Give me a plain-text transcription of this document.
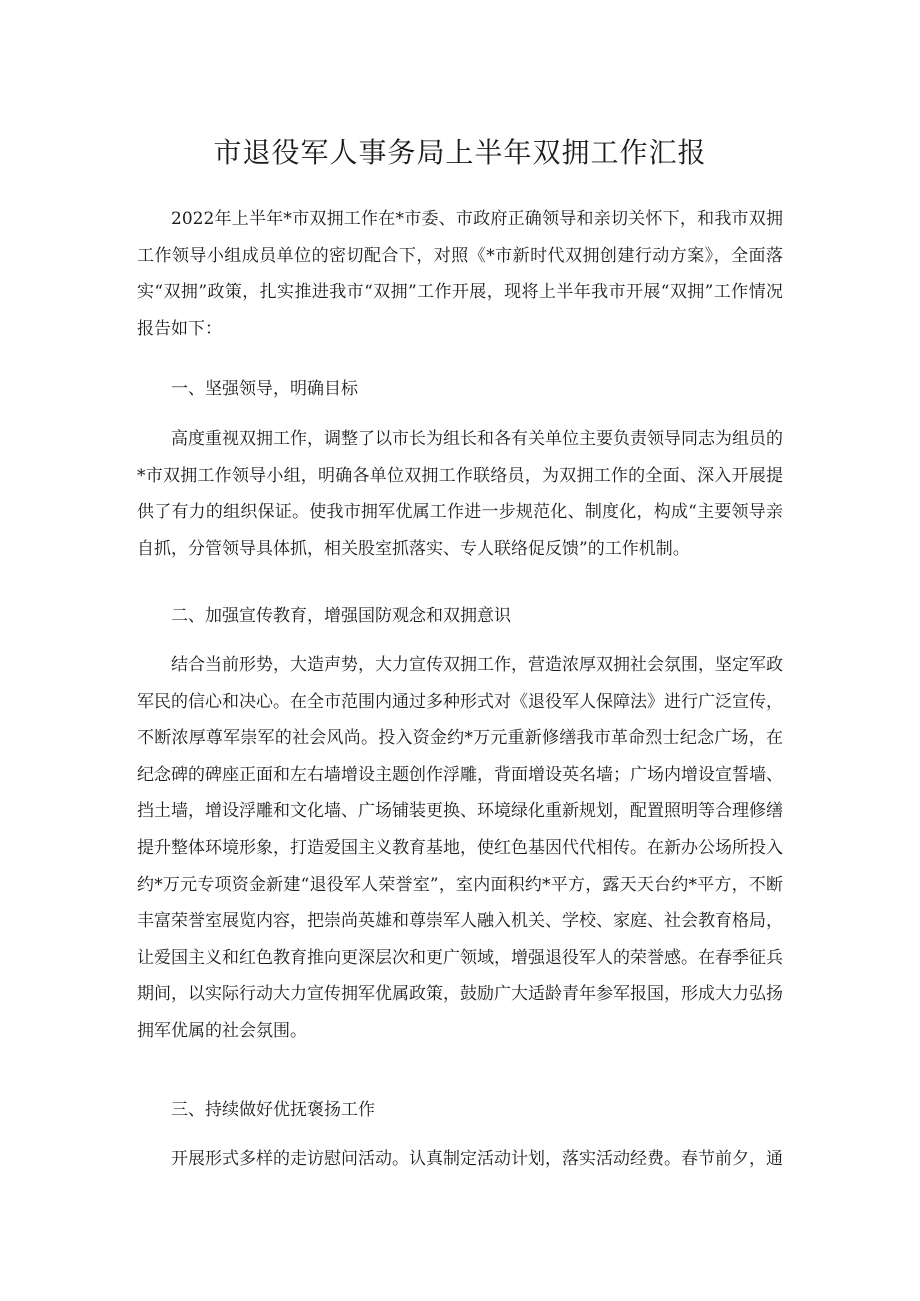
市退役军人事务局上半年双拥工作汇报

2022年上半年*市双拥工作在*市委、市政府正确领导和亲切关怀下，和我市双拥工作领导小组成员单位的密切配合下，对照《*市新时代双拥创建行动方案》，全面落实“双拥”政策，扎实推进我市“双拥”工作开展，现将上半年我市开展“双拥”工作情况报告如下：

一、坚强领导，明确目标

高度重视双拥工作，调整了以市长为组长和各有关单位主要负责领导同志为组员的*市双拥工作领导小组，明确各单位双拥工作联络员，为双拥工作的全面、深入开展提供了有力的组织保证。使我市拥军优属工作进一步规范化、制度化，构成“主要领导亲自抓，分管领导具体抓，相关股室抓落实、专人联络促反馈”的工作机制。

二、加强宣传教育，增强国防观念和双拥意识

结合当前形势，大造声势，大力宣传双拥工作，营造浓厚双拥社会氛围，坚定军政军民的信心和决心。在全市范围内通过多种形式对《退役军人保障法》进行广泛宣传，不断浓厚尊军崇军的社会风尚。投入资金约*万元重新修缮我市革命烈士纪念广场，在纪念碑的碑座正面和左右墙增设主题创作浮雕，背面增设英名墙；广场内增设宣誓墙、挡土墙，增设浮雕和文化墙、广场铺装更换、环境绿化重新规划，配置照明等合理修缮提升整体环境形象，打造爱国主义教育基地，使红色基因代代相传。在新办公场所投入约*万元专项资金新建“退役军人荣誉室”，室内面积约*平方，露天天台约*平方，不断丰富荣誉室展览内容，把崇尚英雄和尊崇军人融入机关、学校、家庭、社会教育格局，让爱国主义和红色教育推向更深层次和更广领域，增强退役军人的荣誉感。在春季征兵期间，以实际行动大力宣传拥军优属政策，鼓励广大适龄青年参军报国，形成大力弘扬拥军优属的社会氛围。

三、持续做好优抚褒扬工作

开展形式多样的走访慰问活动。认真制定活动计划，落实活动经费。春节前夕，通
